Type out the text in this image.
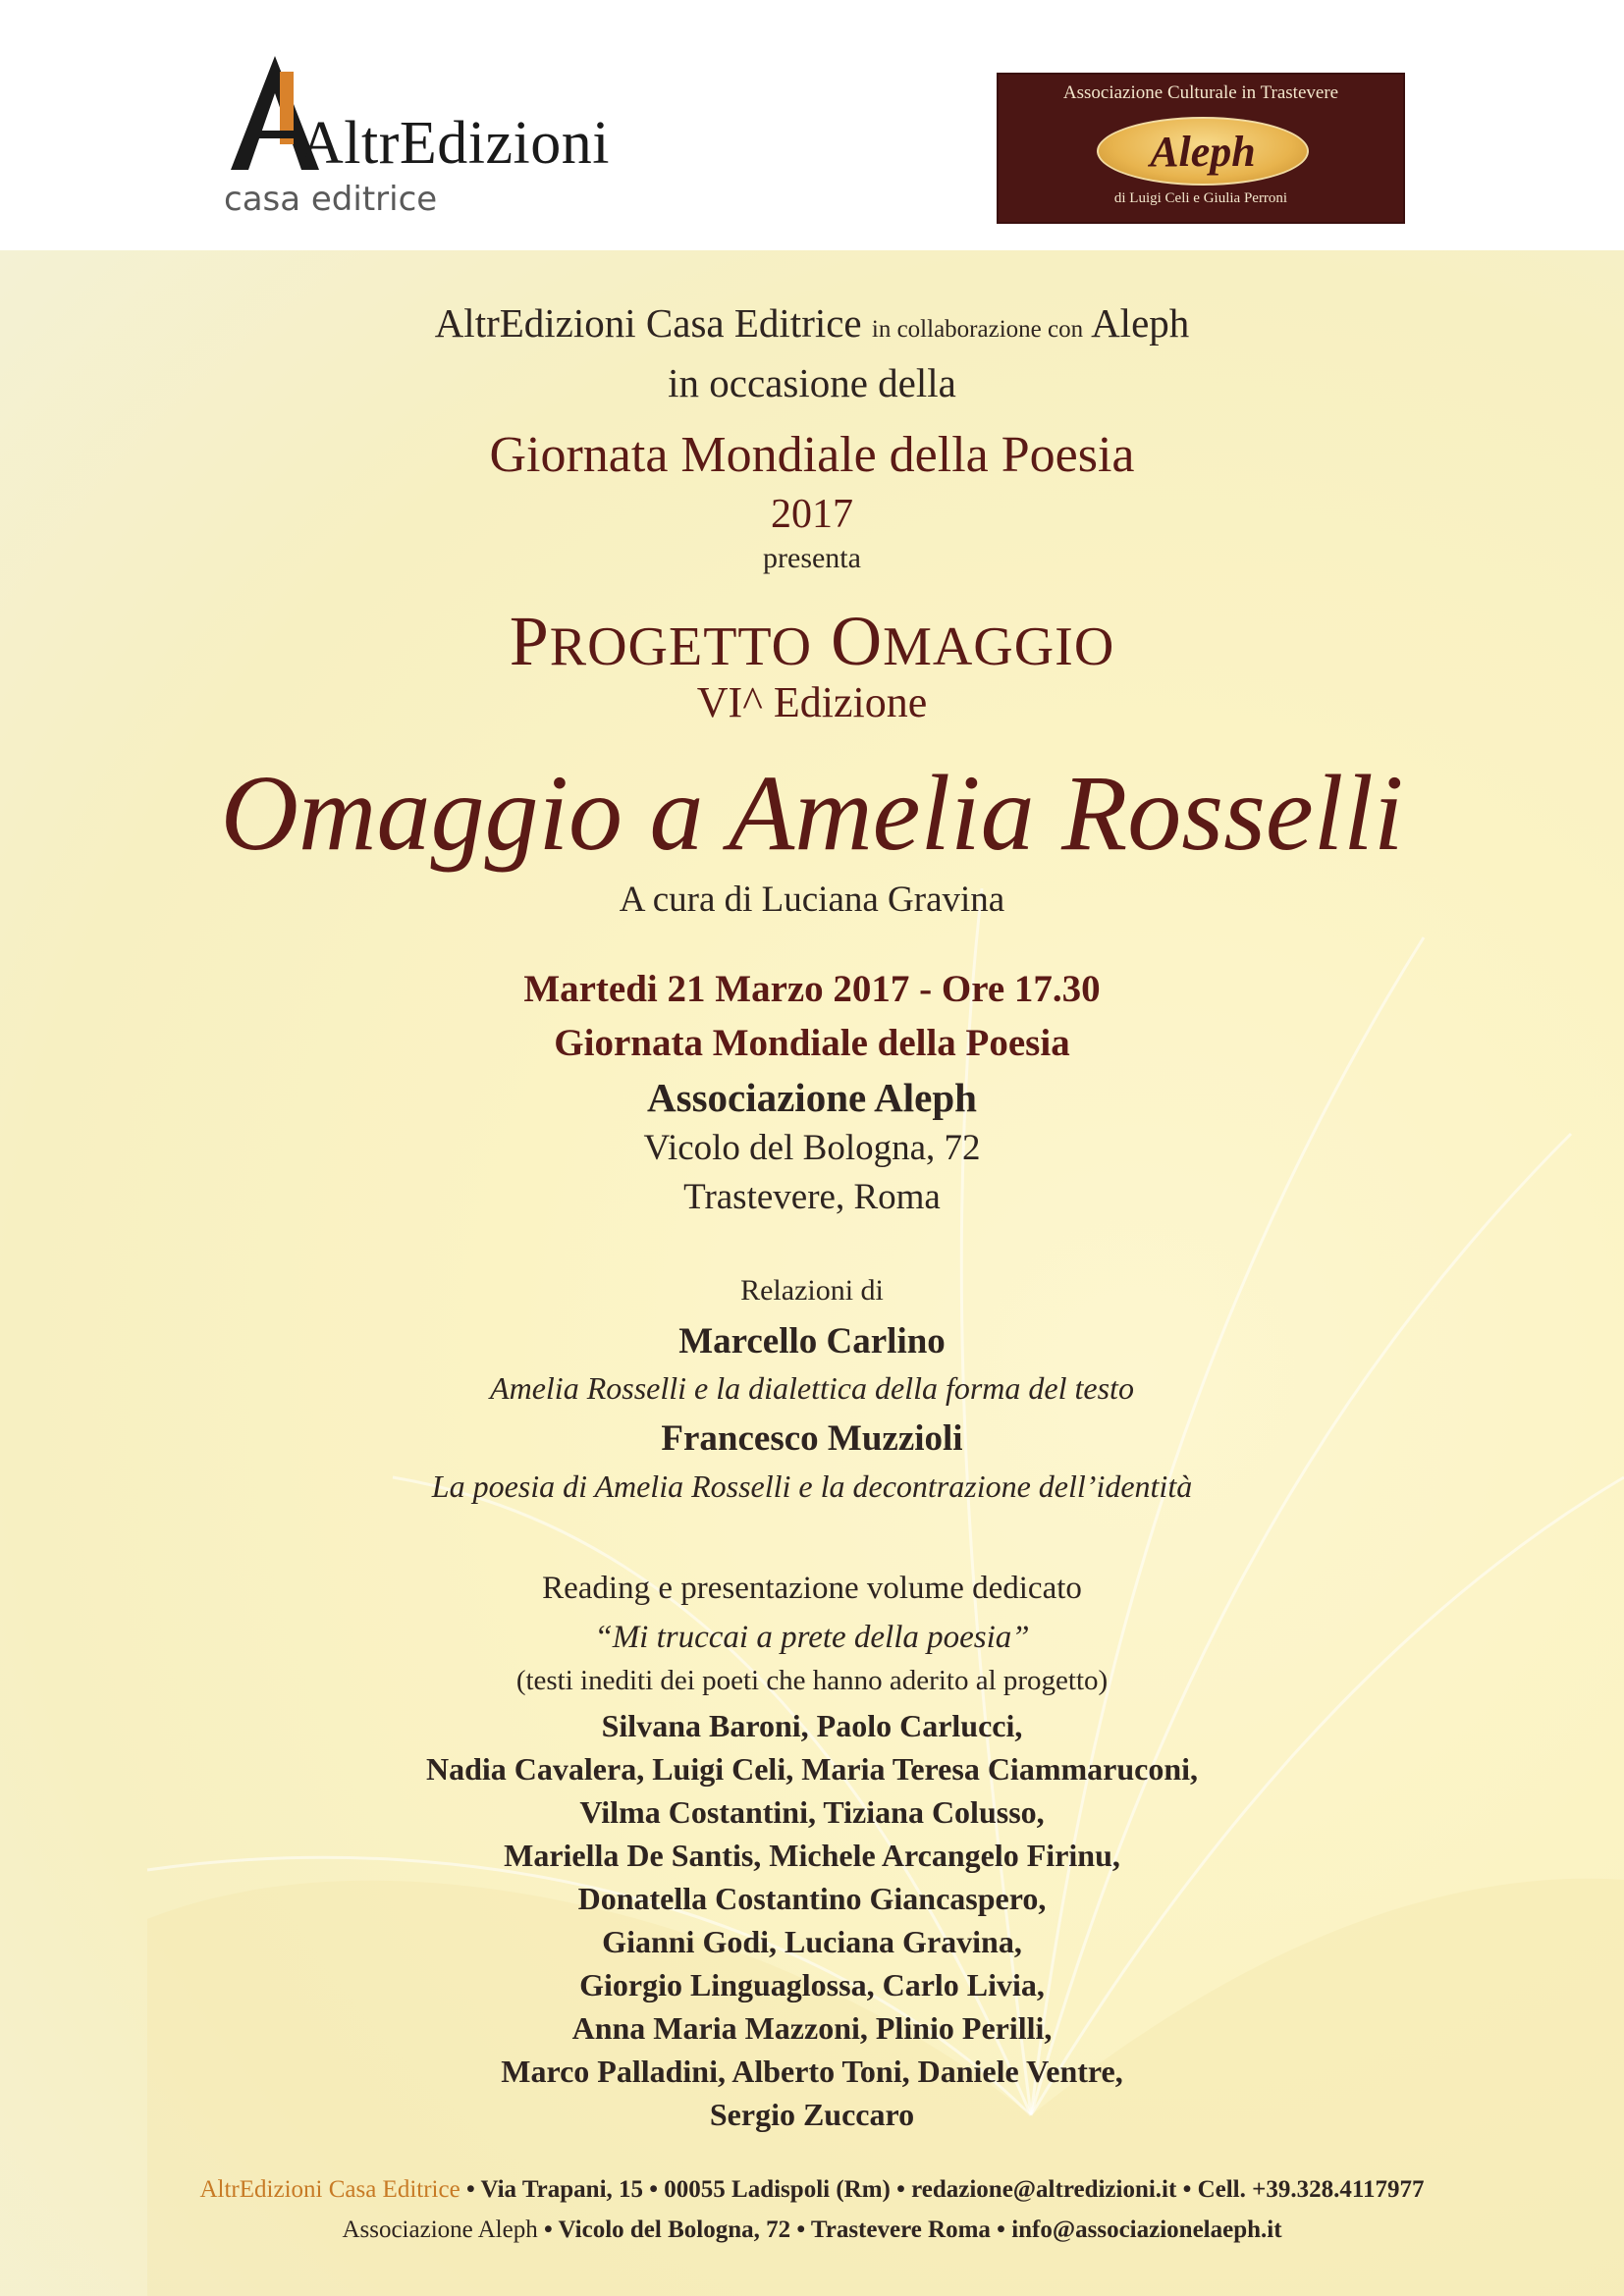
AltrEdizioni
casa editrice
Associazione Culturale in Trastevere
Aleph
di Luigi Celi e Giulia Perroni
AltrEdizioni Casa Editrice in collaborazione con Aleph
in occasione della
Giornata Mondiale della Poesia
2017
presenta
PROGETTO OMAGGIO
VI^ Edizione
Omaggio a Amelia Rosselli
A cura di Luciana Gravina
Martedi 21 Marzo 2017 - Ore 17.30
Giornata Mondiale della Poesia
Associazione Aleph
Vicolo del Bologna, 72
Trastevere, Roma
Relazioni di
Marcello Carlino
Amelia Rosselli e la dialettica della forma del testo
Francesco Muzzioli
La poesia di Amelia Rosselli e la decontrazione dell’identità
Reading e presentazione volume dedicato
“Mi truccai a prete della poesia”
(testi inediti dei poeti che hanno aderito al progetto)
Silvana Baroni, Paolo Carlucci,
Nadia Cavalera, Luigi Celi, Maria Teresa Ciammaruconi,
Vilma Costantini, Tiziana Colusso,
Mariella De Santis, Michele Arcangelo Firinu,
Donatella Costantino Giancaspero,
Gianni Godi, Luciana Gravina,
Giorgio Linguaglossa, Carlo Livia,
Anna Maria Mazzoni, Plinio Perilli,
Marco Palladini, Alberto Toni, Daniele Ventre,
Sergio Zuccaro
AltrEdizioni Casa Editrice • Via Trapani, 15 • 00055 Ladispoli (Rm) • redazione@altredizioni.it • Cell. +39.328.4117977
Associazione Aleph • Vicolo del Bologna, 72 • Trastevere Roma • info@associazionelaeph.it
